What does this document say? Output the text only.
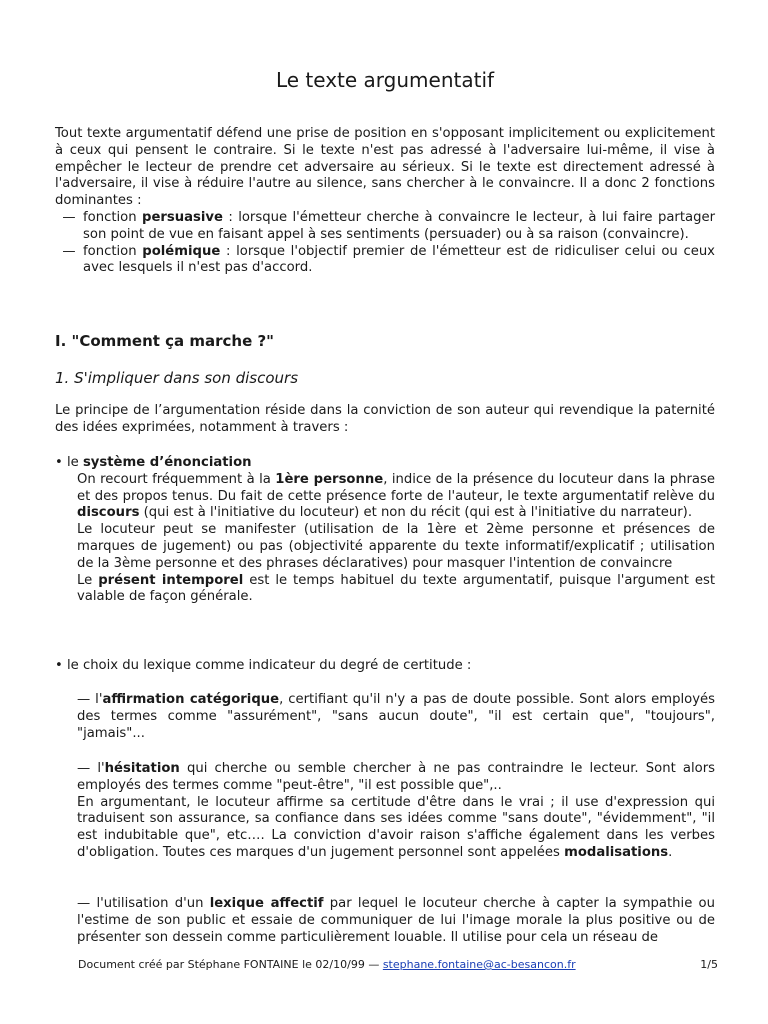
Le texte argumentatif

Tout texte argumentatif défend une prise de position en s'opposant implicitement ou explicitement à ceux qui pensent le contraire. Si le texte n'est pas adressé à l'adversaire lui-même, il vise à empêcher le lecteur de prendre cet adversaire au sérieux. Si le texte est directement adressé à l'adversaire, il vise à réduire l'autre au silence, sans chercher à le convaincre. Il a donc 2 fonctions dominantes :

— fonction persuasive : lorsque l'émetteur cherche à convaincre le lecteur, à lui faire partager son point de vue en faisant appel à ses sentiments (persuader) ou à sa raison (convaincre).
— fonction polémique : lorsque l'objectif premier de l'émetteur est de ridiculiser celui ou ceux avec lesquels il n'est pas d'accord.
I. "Comment ça marche ?"
1. S'impliquer dans son discours

Le principe de l’argumentation réside dans la conviction de son auteur qui revendique la paternité des idées exprimées, notamment à travers :

• le système d’énonciation

On recourt fréquemment à la 1ère personne, indice de la présence du locuteur dans la phrase et des propos tenus. Du fait de cette présence forte de l'auteur, le texte argumentatif relève du discours (qui est à l'initiative du locuteur) et non du récit (qui est à l'initiative du narrateur).

Le locuteur peut se manifester (utilisation de la 1ère et 2ème personne et présences de marques de jugement) ou pas (objectivité apparente du texte informatif/explicatif ; utilisation de la 3ème personne et des phrases déclaratives) pour masquer l'intention de convaincre

Le présent intemporel est le temps habituel du texte argumentatif, puisque l'argument est valable de façon générale.

• le choix du lexique comme indicateur du degré de certitude :

— l'affirmation catégorique, certifiant qu'il n'y a pas de doute possible. Sont alors employés des termes comme "assurément", "sans aucun doute", "il est certain que", "toujours", "jamais"...

— l'hésitation qui cherche ou semble chercher à ne pas contraindre le lecteur. Sont alors employés des termes comme "peut-être", "il est possible que",..

En argumentant, le locuteur affirme sa certitude d'être dans le vrai ; il use d'expression qui traduisent son assurance, sa confiance dans ses idées comme "sans doute", "évidemment", "il est indubitable que", etc…. La conviction d'avoir raison s'affiche également dans les verbes d'obligation. Toutes ces marques d'un jugement personnel sont appelées modalisations.

— l'utilisation d'un lexique affectif par lequel le locuteur cherche à capter la sympathie ou l'estime de son public et essaie de communiquer de lui l'image morale la plus positive ou de présenter son dessein comme particulièrement louable. Il utilise pour cela un réseau de

Document créé par Stéphane FONTAINE le 02/10/99 — stephane.fontaine@ac-besancon.fr	1/5
